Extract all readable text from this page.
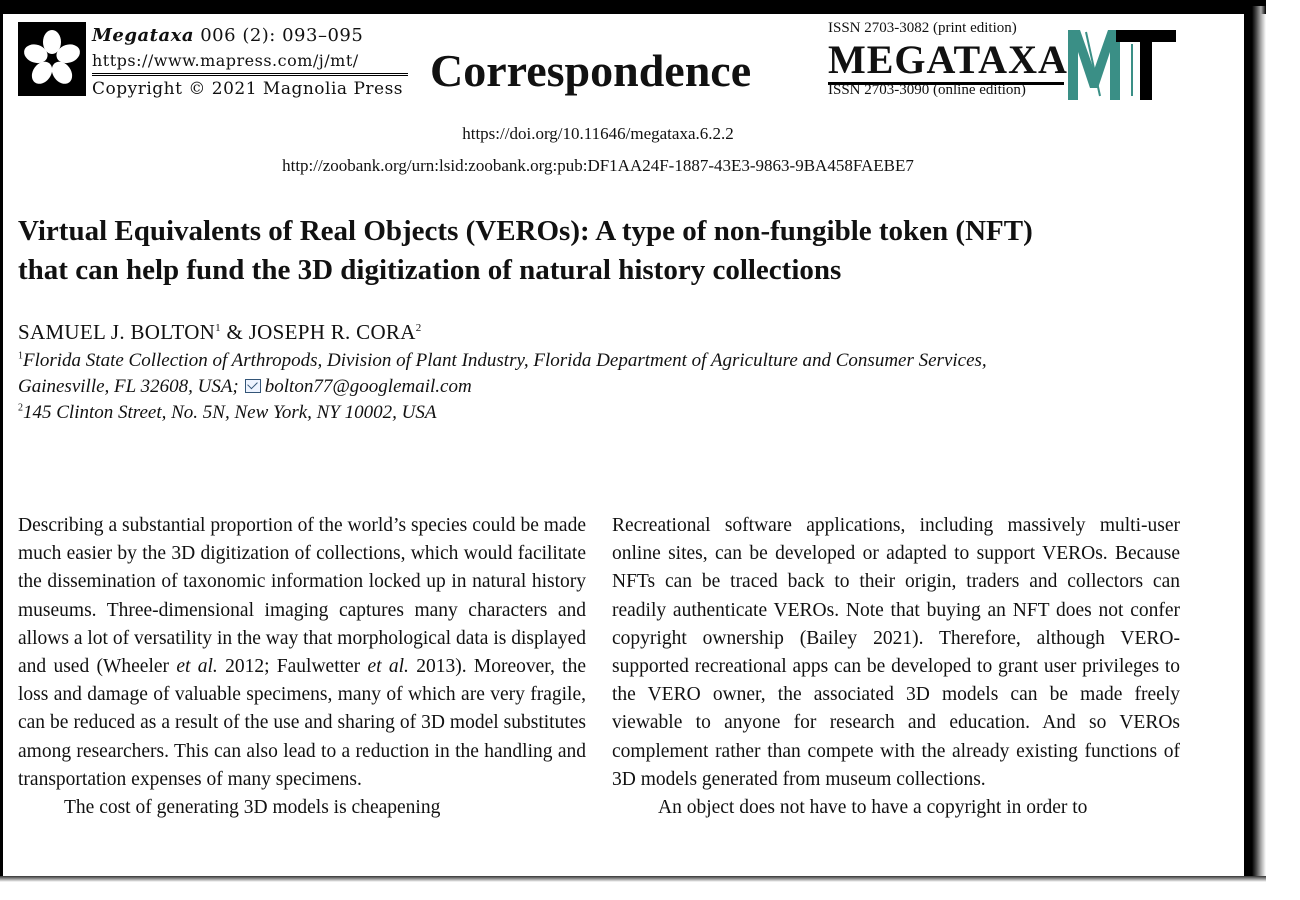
Megataxa 006 (2): 093–095
https://www.mapress.com/j/mt/
Copyright © 2021 Magnolia Press Correspondence
ISSN 2703-3082 (print edition)
MEGATAXA
ISSN 2703-3090 (online edition)
https://doi.org/10.11646/megataxa.6.2.2
http://zoobank.org/urn:lsid:zoobank.org:pub:DF1AA24F-1887-43E3-9863-9BA458FAEBE7
Virtual Equivalents of Real Objects (VEROs): A type of non-fungible token (NFT)
that can help fund the 3D digitization of natural history collections
SAMUEL J. BOLTON$^1$ & JOSEPH R. CORA$^2$
$^1$Florida State Collection of Arthropods, Division of Plant Industry, Florida Department of Agriculture and Consumer Services,
Gainesville, FL 32608, USA; bolton77@googlemail.com
$^2$145 Clinton Street, No. 5N, New York, NY 10002, USA

Describing a substantial proportion of the world’s species could be made much easier by the 3D digitization of collections, which would facilitate the dissemination of taxonomic information locked up in natural history museums. Three-dimensional imaging captures many characters and allows a lot of versatility in the way that morphological data is displayed and used (Wheeler et al. 2012; Faulwetter et al. 2013). Moreover, the loss and damage of valuable specimens, many of which are very fragile, can be reduced as a result of the use and sharing of 3D model substitutes among researchers. This can also lead to a reduction in the handling and transportation expenses of many specimens.

The cost of generating 3D models is cheapening

Recreational software applications, including massively multi-user online sites, can be developed or adapted to support VEROs. Because NFTs can be traced back to their origin, traders and collectors can readily authenticate VEROs. Note that buying an NFT does not confer copyright ownership (Bailey 2021). Therefore, although VERO-supported recreational apps can be developed to grant user privileges to the VERO owner, the associated 3D models can be made freely viewable to anyone for research and education. And so VEROs complement rather than compete with the already existing functions of 3D models generated from museum collections.

An object does not have to have a copyright in order to
